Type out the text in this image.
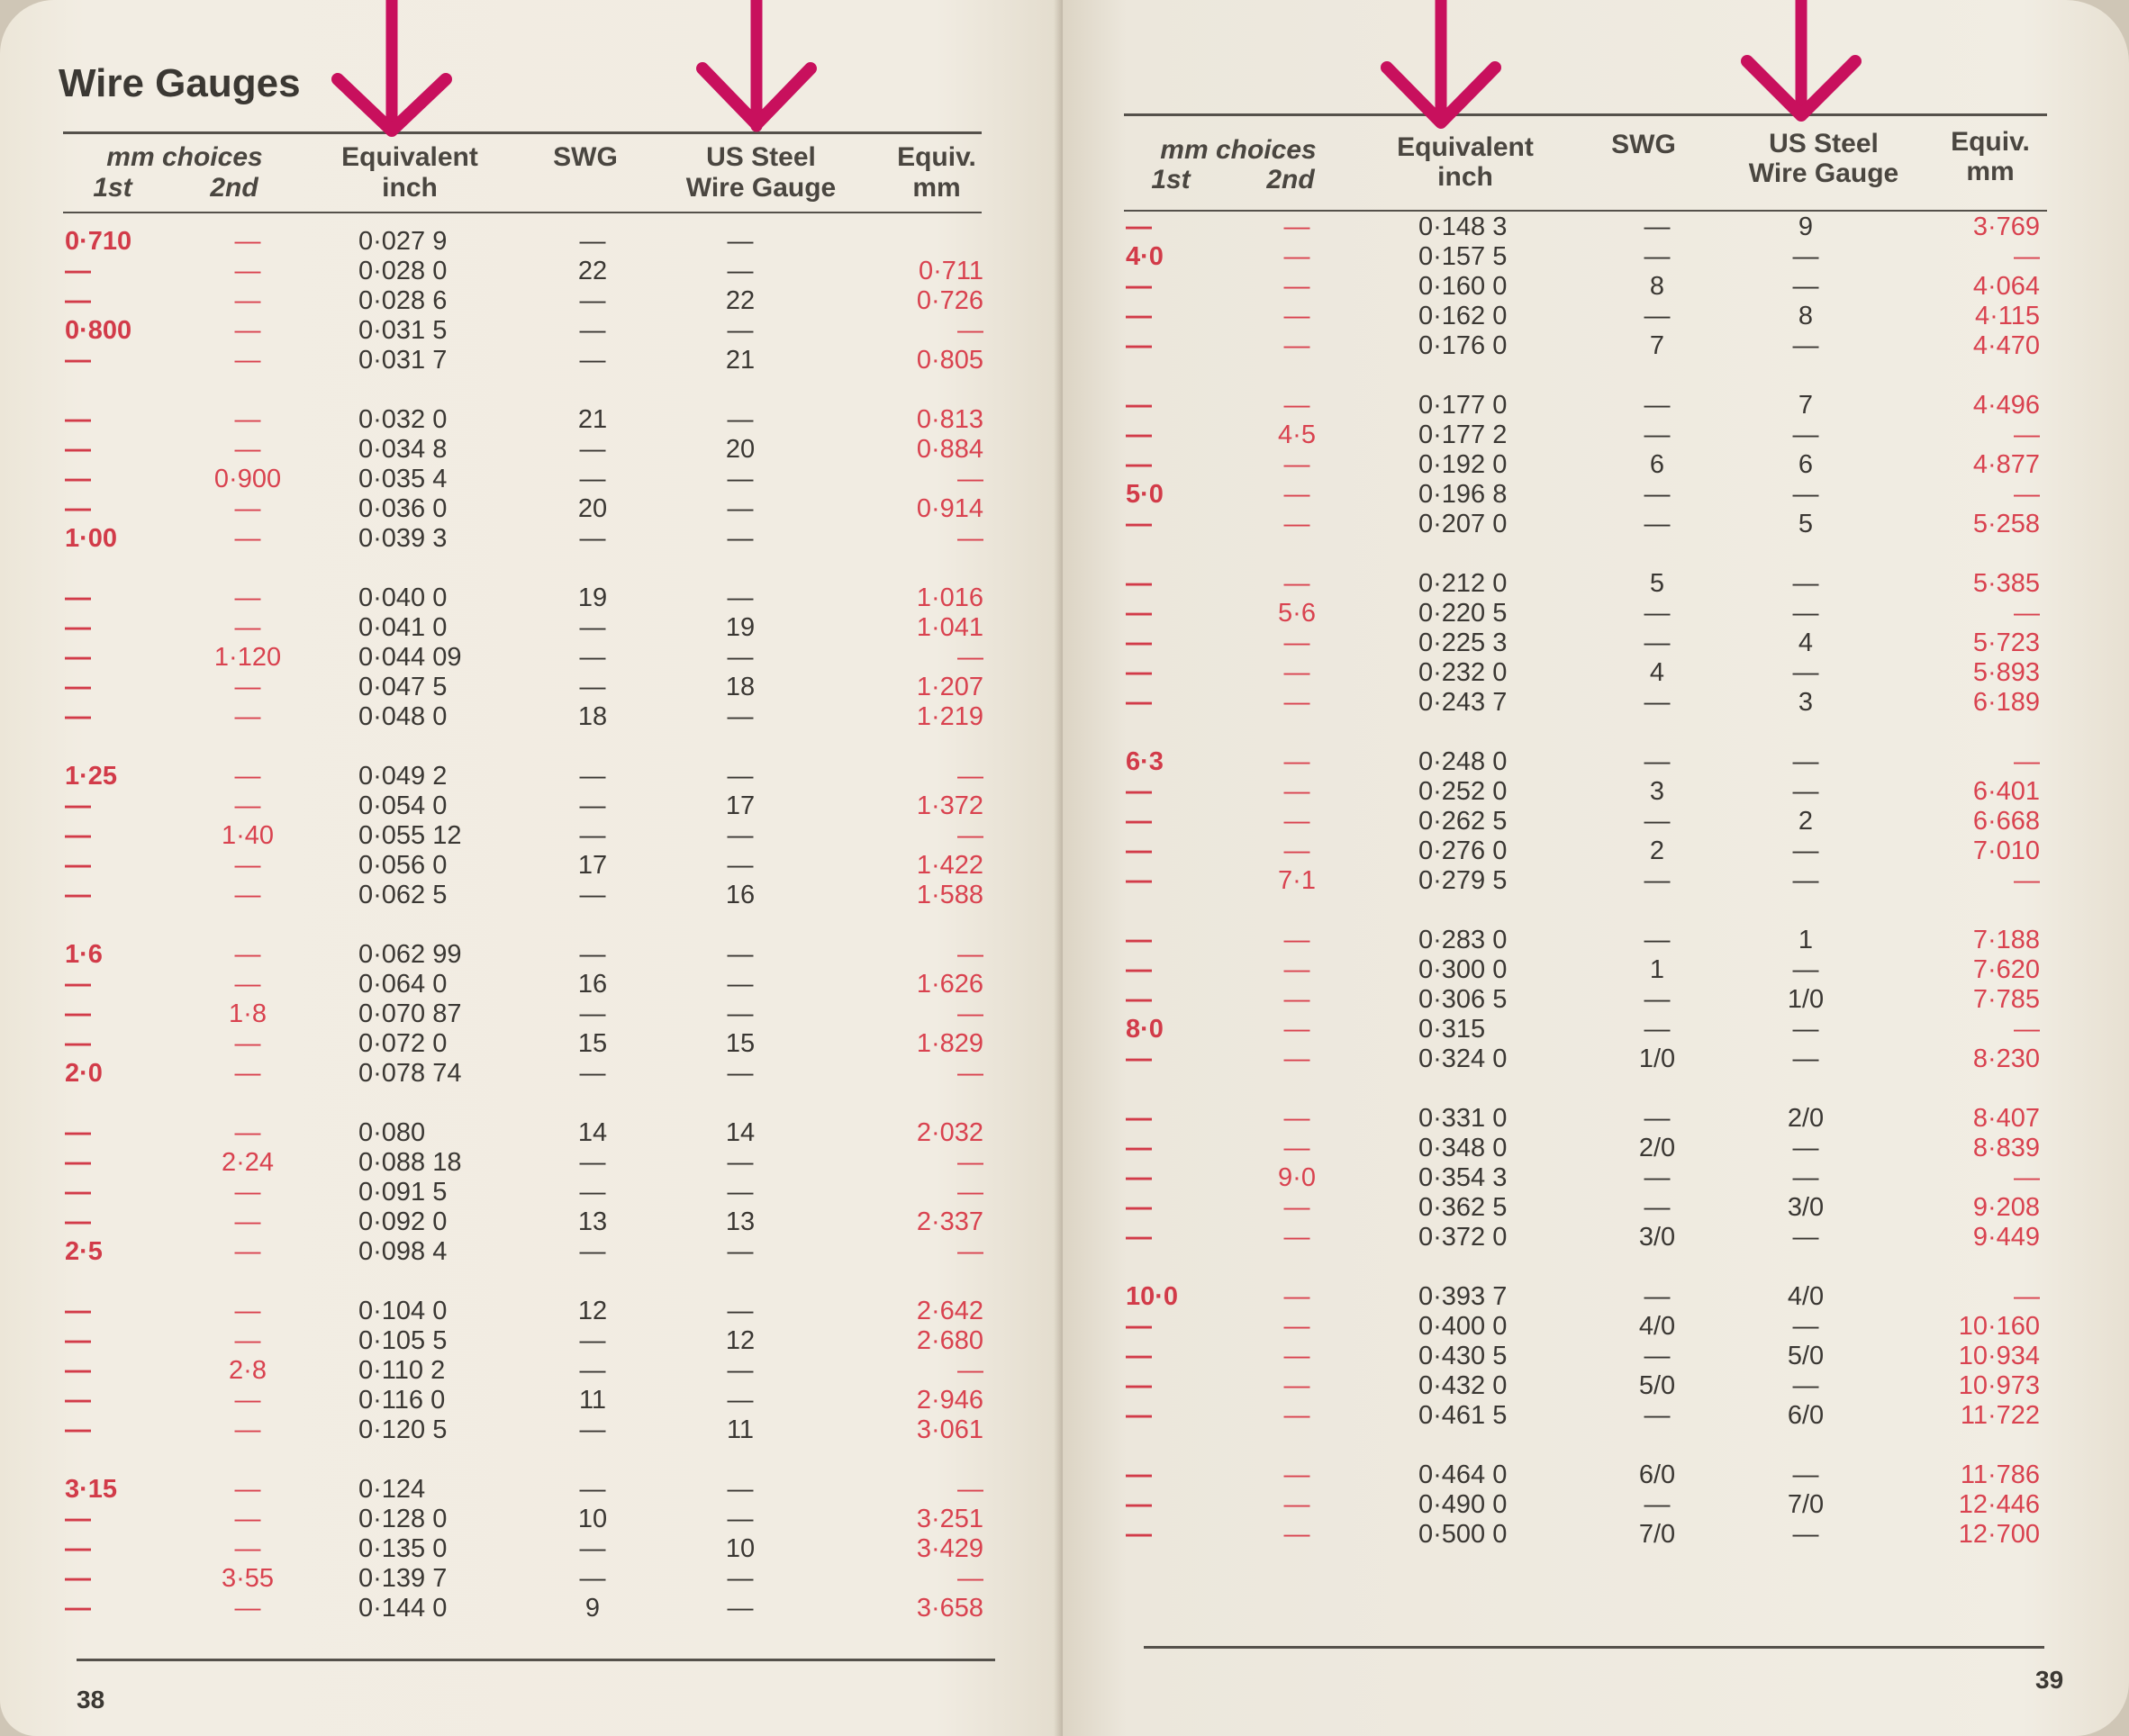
Wire Gauges
mm choices
1st	2nd
Equivalent
inch
SWG	US Steel
Wire Gauge
Equiv.
mm
0·710	—	0·027 9	—	—
—	—	0·028 0	22	—	0·711
—	—	0·028 6	—	22	0·726
0·800	—	0·031 5	—	—	—
—	—	0·031 7	—	21	0·805
—	—	0·032 0	21	—	0·813
—	—	0·034 8	—	20	0·884
—	0·900	0·035 4	—	—	—
—	—	0·036 0	20	—	0·914
1·00	—	0·039 3	—	—	—
—	—	0·040 0	19	—	1·016
—	—	0·041 0	—	19	1·041
—	1·120	0·044 09	—	—	—
—	—	0·047 5	—	18	1·207
—	—	0·048 0	18	—	1·219
1·25	—	0·049 2	—	—	—
—	—	0·054 0	—	17	1·372
—	1·40	0·055 12	—	—	—
—	—	0·056 0	17	—	1·422
—	—	0·062 5	—	16	1·588
1·6	—	0·062 99	—	—	—
—	—	0·064 0	16	—	1·626
—	1·8	0·070 87	—	—	—
—	—	0·072 0	15	15	1·829
2·0	—	0·078 74	—	—	—
—	—	0·080	14	14	2·032
—	2·24	0·088 18	—	—	—
—	—	0·091 5	—	—	—
—	—	0·092 0	13	13	2·337
2·5	—	0·098 4	—	—	—
—	—	0·104 0	12	—	2·642
—	—	0·105 5	—	12	2·680
—	2·8	0·110 2	—	—	—
—	—	0·116 0	11	—	2·946
—	—	0·120 5	—	11	3·061
3·15	—	0·124	—	—	—
—	—	0·128 0	10	—	3·251
—	—	0·135 0	—	10	3·429
—	3·55	0·139 7	—	—	—
—	—	0·144 0	9	—	3·658
38
mm choices
1st	2nd
Equivalent
inch
SWG	US Steel
Wire Gauge
Equiv.
mm
—	—	0·148 3	—	9	3·769
4·0	—	0·157 5	—	—	—
—	—	0·160 0	8	—	4·064
—	—	0·162 0	—	8	4·115
—	—	0·176 0	7	—	4·470
—	—	0·177 0	—	7	4·496
—	4·5	0·177 2	—	—	—
—	—	0·192 0	6	6	4·877
5·0	—	0·196 8	—	—	—
—	—	0·207 0	—	5	5·258
—	—	0·212 0	5	—	5·385
—	5·6	0·220 5	—	—	—
—	—	0·225 3	—	4	5·723
—	—	0·232 0	4	—	5·893
—	—	0·243 7	—	3	6·189
6·3	—	0·248 0	—	—	—
—	—	0·252 0	3	—	6·401
—	—	0·262 5	—	2	6·668
—	—	0·276 0	2	—	7·010
—	7·1	0·279 5	—	—	—
—	—	0·283 0	—	1	7·188
—	—	0·300 0	1	—	7·620
—	—	0·306 5	—	1/0	7·785
8·0	—	0·315	—	—	—
—	—	0·324 0	1/0	—	8·230
—	—	0·331 0	—	2/0	8·407
—	—	0·348 0	2/0	—	8·839
—	9·0	0·354 3	—	—	—
—	—	0·362 5	—	3/0	9·208
—	—	0·372 0	3/0	—	9·449
10·0	—	0·393 7	—	4/0	—
—	—	0·400 0	4/0	—	10·160
—	—	0·430 5	—	5/0	10·934
—	—	0·432 0	5/0	—	10·973
—	—	0·461 5	—	6/0	11·722
—	—	0·464 0	6/0	—	11·786
—	—	0·490 0	—	7/0	12·446
—	—	0·500 0	7/0	—	12·700
39
